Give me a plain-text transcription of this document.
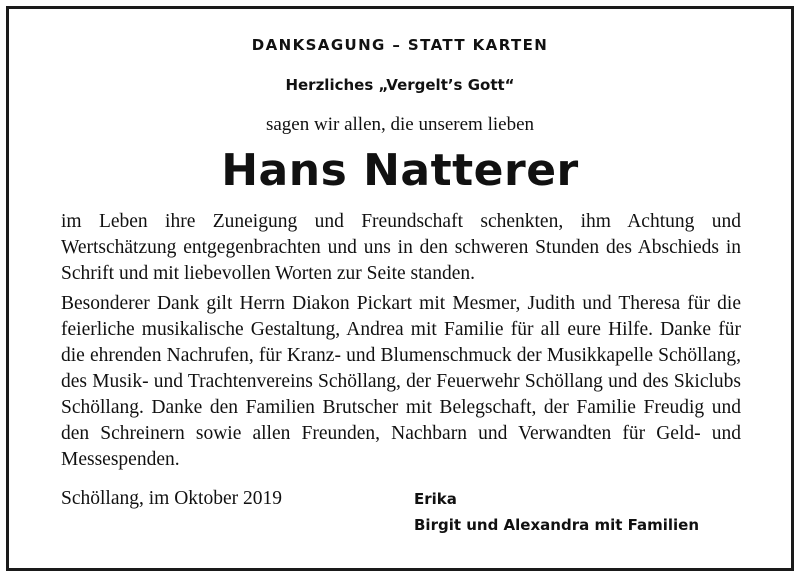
DANKSAGUNG – STATT KARTEN
Herzliches „Vergelt’s Gott“
sagen wir allen, die unserem lieben
Hans Natterer

im Leben ihre Zuneigung und Freundschaft schenkten, ihm Achtung und Wertschätzung entgegenbrachten und uns in den schweren Stunden des Abschieds in Schrift und mit liebevollen Worten zur Seite standen.

Besonderer Dank gilt Herrn Diakon Pickart mit Mesmer, Judith und Theresa für die feierliche musikalische Gestaltung, Andrea mit Familie für all eure Hilfe. Danke für die ehrenden Nachrufen, für Kranz- und Blumenschmuck der Musikkapelle Schöllang, des Musik- und Trachtenvereins Schöllang, der Feuerwehr Schöllang und des Skiclubs Schöllang. Danke den Familien Brutscher mit Belegschaft, der Familie Freudig und den Schreinern sowie allen Freunden, Nachbarn und Verwandten für Geld- und Messespenden.

Schöllang, im Oktober 2019	Erika
Birgit und Alexandra mit Familien
